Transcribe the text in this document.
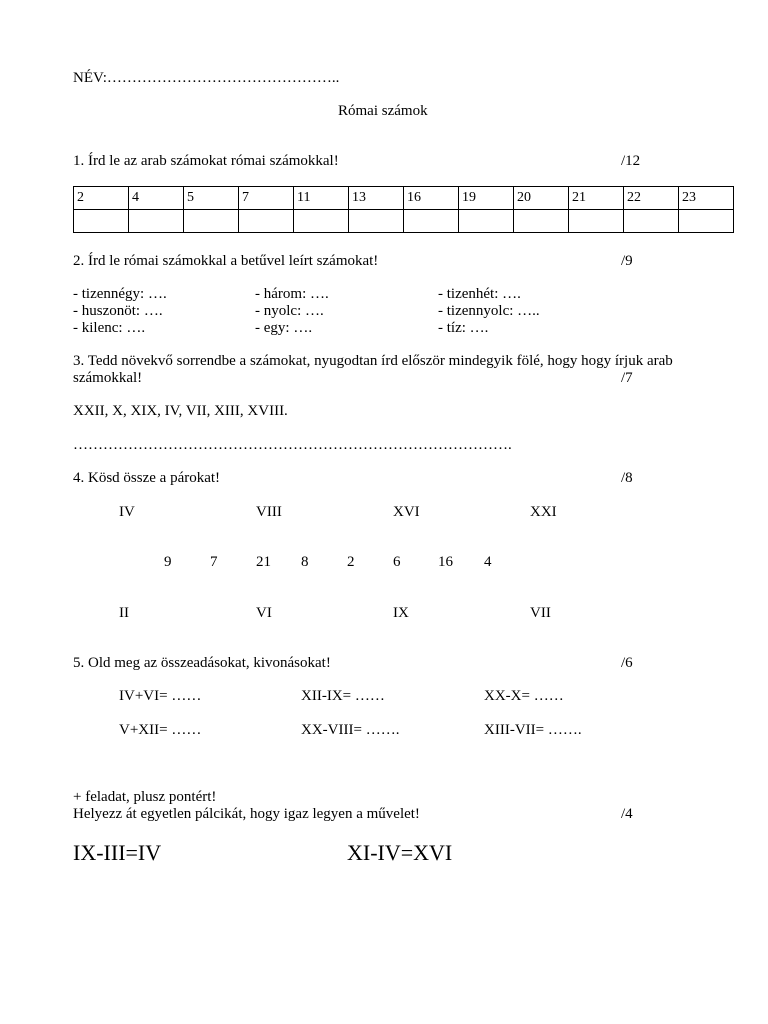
NÉV:………………………………………..
Római számok
1. Írd le az arab számokat római számokkal!	/12
2	4	5	7	11	13	16	19	20	21	22	23

2. Írd le római számokkal a betűvel leírt számokat!	/9
- tizennégy: ….	- három: ….	- tizenhét: ….
- huszonöt: ….	- nyolc: ….	- tizennyolc: …..
- kilenc: ….	- egy: ….	- tíz: ….
3. Tedd növekvő sorrendbe a számokat, nyugodtan írd először mindegyik fölé, hogy hogy írjuk arab
számokkal!	/7
XXII, X, XIX, IV, VII, XIII, XVIII.
…………………………………………………………………………….
4. Kösd össze a párokat!	/8
IV	VIII	XVI	XXI
9	7	21 8	2	6	16 4
II	VI	IX	VII
5. Old meg az összeadásokat, kivonásokat!	/6
IV+VI= ……	XII-IX= ……	XX-X= ……
V+XII= ……	XX-VIII= …….	XIII-VII= …….
+ feladat, plusz pontért!
Helyezz át egyetlen pálcikát, hogy igaz legyen a művelet!	/4
IX-III=IV	XI-IV=XVI
